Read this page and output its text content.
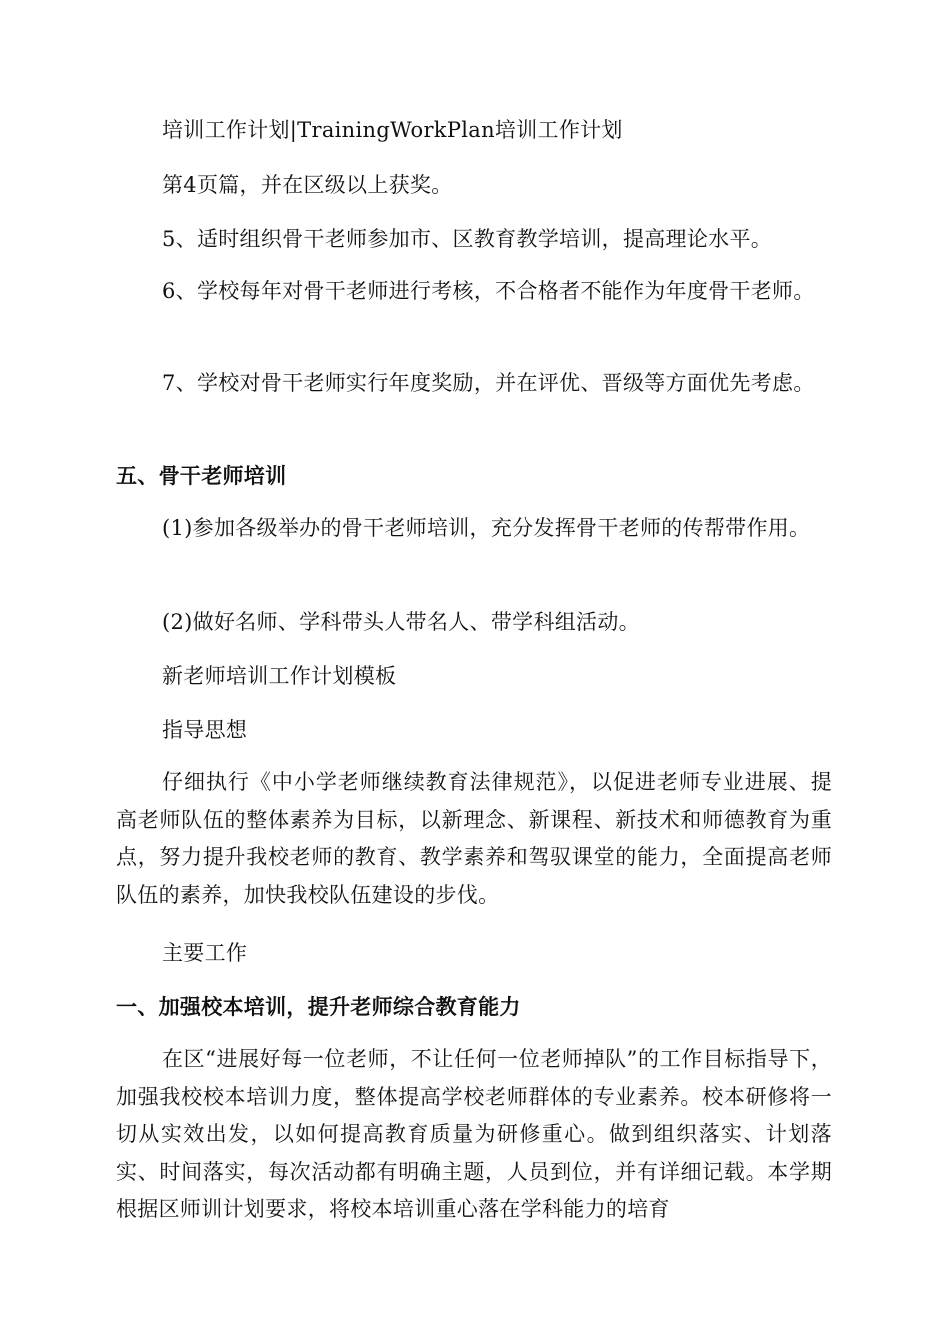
培训工作计划|TrainingWorkPlan培训工作计划
第4页篇，并在区级以上获奖。
5、适时组织骨干老师参加市、区教育教学培训，提高理论水平。
6、学校每年对骨干老师进行考核，不合格者不能作为年度骨干老师。
7、学校对骨干老师实行年度奖励，并在评优、晋级等方面优先考虑。
五、骨干老师培训
(1)参加各级举办的骨干老师培训，充分发挥骨干老师的传帮带作用。
(2)做好名师、学科带头人带名人、带学科组活动。
新老师培训工作计划模板
指导思想
仔细执行《中小学老师继续教育法律规范》，以促进老师专业进展、提高老师队伍的整体素养为目标，以新理念、新课程、新技术和师德教育为重点，努力提升我校老师的教育、教学素养和驾驭课堂的能力，全面提高老师队伍的素养，加快我校队伍建设的步伐。
主要工作
一、加强校本培训，提升老师综合教育能力
在区“进展好每一位老师，不让任何一位老师掉队”的工作目标指导下，加强我校校本培训力度，整体提高学校老师群体的专业素养。校本研修将一切从实效出发，以如何提高教育质量为研修重心。做到组织落实、计划落实、时间落实，每次活动都有明确主题，人员到位，并有详细记载。本学期根据区师训计划要求，将校本培训重心落在学科能力的培育
